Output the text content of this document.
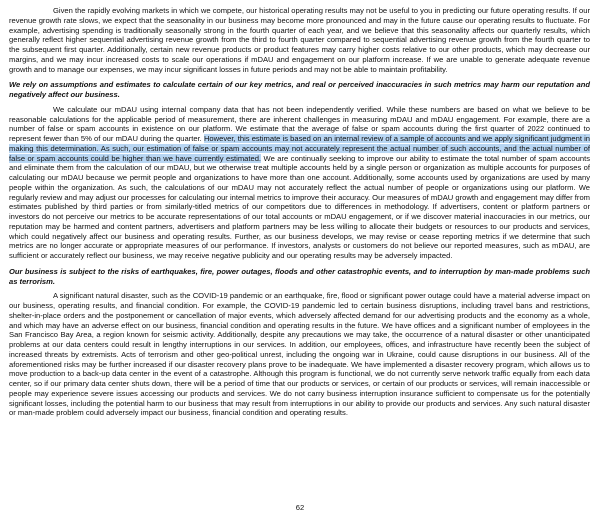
Given the rapidly evolving markets in which we compete, our historical operating results may not be useful to you in predicting our future operating results. If our revenue growth rate slows, we expect that the seasonality in our business may become more pronounced and may in the future cause our operating results to fluctuate. For example, advertising spending is traditionally seasonally strong in the fourth quarter of each year, and we believe that this seasonality affects our quarterly results, which generally reflect higher sequential advertising revenue growth from the third to fourth quarter compared to sequential advertising revenue growth from the fourth quarter to the subsequent first quarter. Additionally, certain new revenue products or product features may carry higher costs relative to our other products, which may decrease our margins, and we may incur increased costs to scale our operations if mDAU and engagement on our platform increase. If we are unable to generate adequate revenue growth and to manage our expenses, we may incur significant losses in future periods and may not be able to maintain profitability.

We rely on assumptions and estimates to calculate certain of our key metrics, and real or perceived inaccuracies in such metrics may harm our reputation and negatively affect our business.

We calculate our mDAU using internal company data that has not been independently verified. While these numbers are based on what we believe to be reasonable calculations for the applicable period of measurement, there are inherent challenges in measuring mDAU and mDAU engagement. For example, there are a number of false or spam accounts in existence on our platform. We estimate that the average of false or spam accounts during the first quarter of 2022 continued to represent fewer than 5% of our mDAU during the quarter. However, this estimate is based on an internal review of a sample of accounts and we apply significant judgment in making this determination. As such, our estimation of false or spam accounts may not accurately represent the actual number of such accounts, and the actual number of false or spam accounts could be higher than we have currently estimated. We are continually seeking to improve our ability to estimate the total number of spam accounts and eliminate them from the calculation of our mDAU, but we otherwise treat multiple accounts held by a single person or organization as multiple accounts for purposes of calculating our mDAU because we permit people and organizations to have more than one account. Additionally, some accounts used by organizations are used by many people within the organization. As such, the calculations of our mDAU may not accurately reflect the actual number of people or organizations using our platform. We regularly review and may adjust our processes for calculating our internal metrics to improve their accuracy. Our measures of mDAU growth and engagement may differ from estimates published by third parties or from similarly-titled metrics of our competitors due to differences in methodology. If advertisers, content or platform partners or investors do not perceive our metrics to be accurate representations of our total accounts or mDAU engagement, or if we discover material inaccuracies in our metrics, our reputation may be harmed and content partners, advertisers and platform partners may be less willing to allocate their budgets or resources to our products and services, which could negatively affect our business and operating results. Further, as our business develops, we may revise or cease reporting metrics if we determine that such metrics are no longer accurate or appropriate measures of our performance. If investors, analysts or customers do not believe our reported measures, such as mDAU, are sufficient or accurately reflect our business, we may receive negative publicity and our operating results may be adversely impacted.

Our business is subject to the risks of earthquakes, fire, power outages, floods and other catastrophic events, and to interruption by man-made problems such as terrorism.

A significant natural disaster, such as the COVID-19 pandemic or an earthquake, fire, flood or significant power outage could have a material adverse impact on our business, operating results, and financial condition. For example, the COVID-19 pandemic led to certain business disruptions, including travel bans and restrictions, shelter-in-place orders and the postponement or cancellation of major events, which adversely affected demand for our advertising products and the economy as a whole, and which may have an adverse effect on our business, financial condition and operating results in the future. We have offices and a significant number of employees in the San Francisco Bay Area, a region known for seismic activity. Additionally, despite any precautions we may take, the occurrence of a natural disaster or other unanticipated problems at our data centers could result in lengthy interruptions in our services. In addition, our employees, offices, and infrastructure have recently been the subject of increased threats by extremists. Acts of terrorism and other geo-political unrest, including the ongoing war in Ukraine, could cause disruptions in our business. All of the aforementioned risks may be further increased if our disaster recovery plans prove to be inadequate. We have implemented a disaster recovery program, which allows us to move production to a back-up data center in the event of a catastrophe. Although this program is functional, we do not currently serve network traffic equally from each data center, so if our primary data center shuts down, there will be a period of time that our products or services, or certain of our products or services, will remain inaccessible or people may experience severe issues accessing our products and services. We do not carry business interruption insurance sufficient to compensate us for the potentially significant losses, including the potential harm to our business that may result from interruptions in our ability to provide our products and services. Any such natural disaster or man-made problem could adversely impact our business, financial condition and operating results.

62
